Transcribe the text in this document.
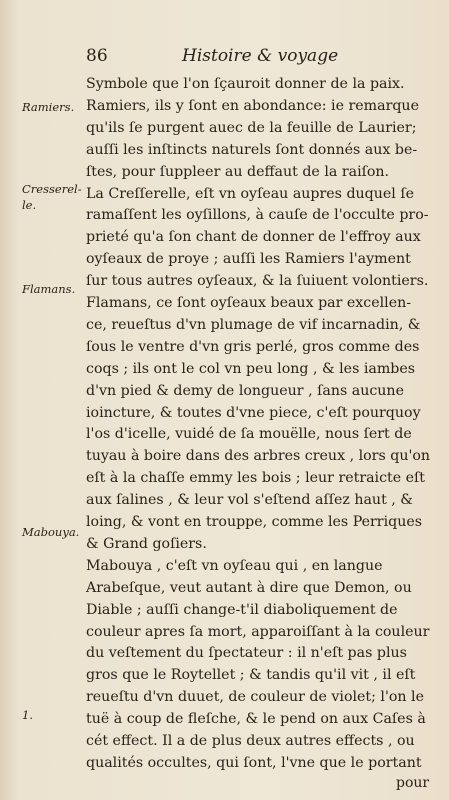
86	Histoire & voyage
Ramiers.
Cresserel-
le.
Flamans.
Mabouya.
1.
Symbole que l'on ſçauroit donner de la paix.
Ramiers, ils y ſont en abondance: ie remarque
qu'ils ſe purgent auec de la feuille de Laurier;
auſſi les inſtincts naturels ſont donnés aux be-
ſtes, pour ſuppleer au deffaut de la raiſon.
La Creſſerelle, eſt vn oyſeau aupres duquel ſe
ramaſſent les oyſillons, à cauſe de l'occulte pro-
prieté qu'a ſon chant de donner de l'effroy aux
oyſeaux de proye ; auſſi les Ramiers l'ayment
ſur tous autres oyſeaux, & la ſuiuent volontiers.
Flamans, ce ſont oyſeaux beaux par excellen-
ce, reueſtus d'vn plumage de vif incarnadin, &
ſous le ventre d'vn gris perlé, gros comme des
coqs ; ils ont le col vn peu long , & les iambes
d'vn pied & demy de longueur , ſans aucune
ioincture, & toutes d'vne piece, c'eſt pourquoy
l'os d'icelle, vuidé de ſa mouëlle, nous ſert de
tuyau à boire dans des arbres creux , lors qu'on
eſt à la chaſſe emmy les bois ; leur retraicte eſt
aux ſalines , & leur vol s'eſtend aſſez haut , &
loing, & vont en trouppe, comme les Perriques
& Grand goſiers.
Mabouya , c'eſt vn oyſeau qui , en langue
Arabeſque, veut autant à dire que Demon, ou
Diable ; auſſi change-t'il diaboliquement de
couleur apres ſa mort, apparoiſſant à la couleur
du veſtement du ſpectateur : il n'eſt pas plus
gros que le Roytellet ; & tandis qu'il vit , il eſt
reueſtu d'vn duuet, de couleur de violet; l'on le
tuë à coup de fleſche, & le pend on aux Caſes à
cét effect. Il a de plus deux autres effects , ou
qualités occultes, qui ſont, l'vne que le portant
pour
